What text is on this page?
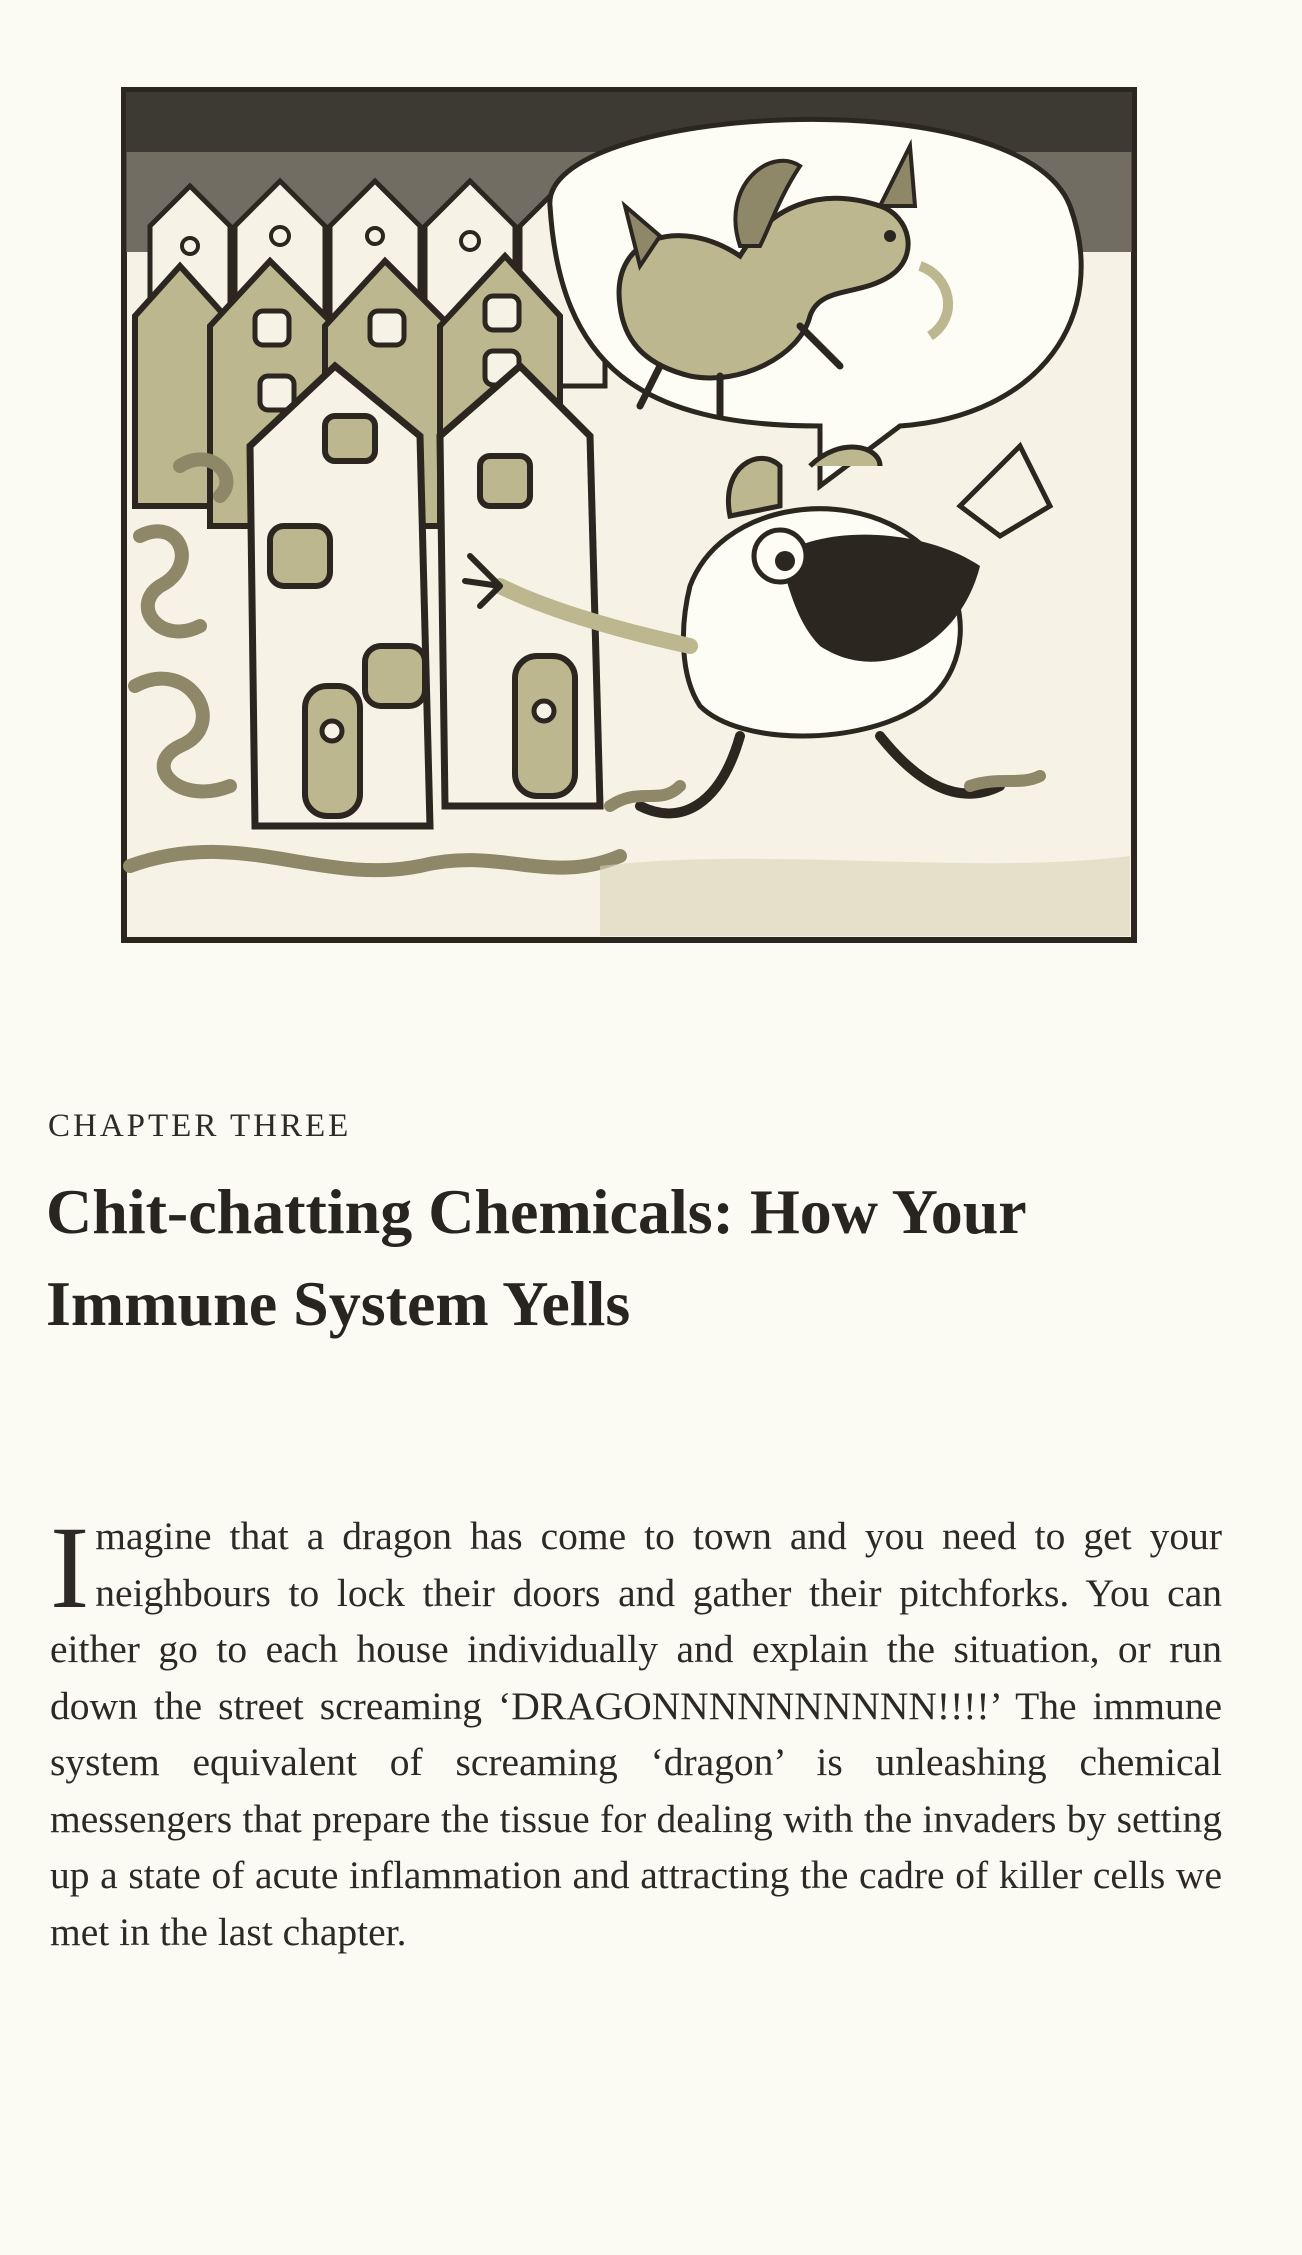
CHAPTER THREE
Chit-chatting Chemicals: How Your Immune System Yells

Imagine that a dragon has come to town and you need to get your neighbours to lock their doors and gather their pitchforks. You can either go to each house individually and explain the situation, or run down the street screaming ‘DRAGONNNNNNNNNN!!!!’ The immune system equivalent of screaming ‘dragon’ is unleashing chemical messengers that prepare the tissue for dealing with the invaders by setting up a state of acute inflammation and attracting the cadre of killer cells we met in the last chapter.
